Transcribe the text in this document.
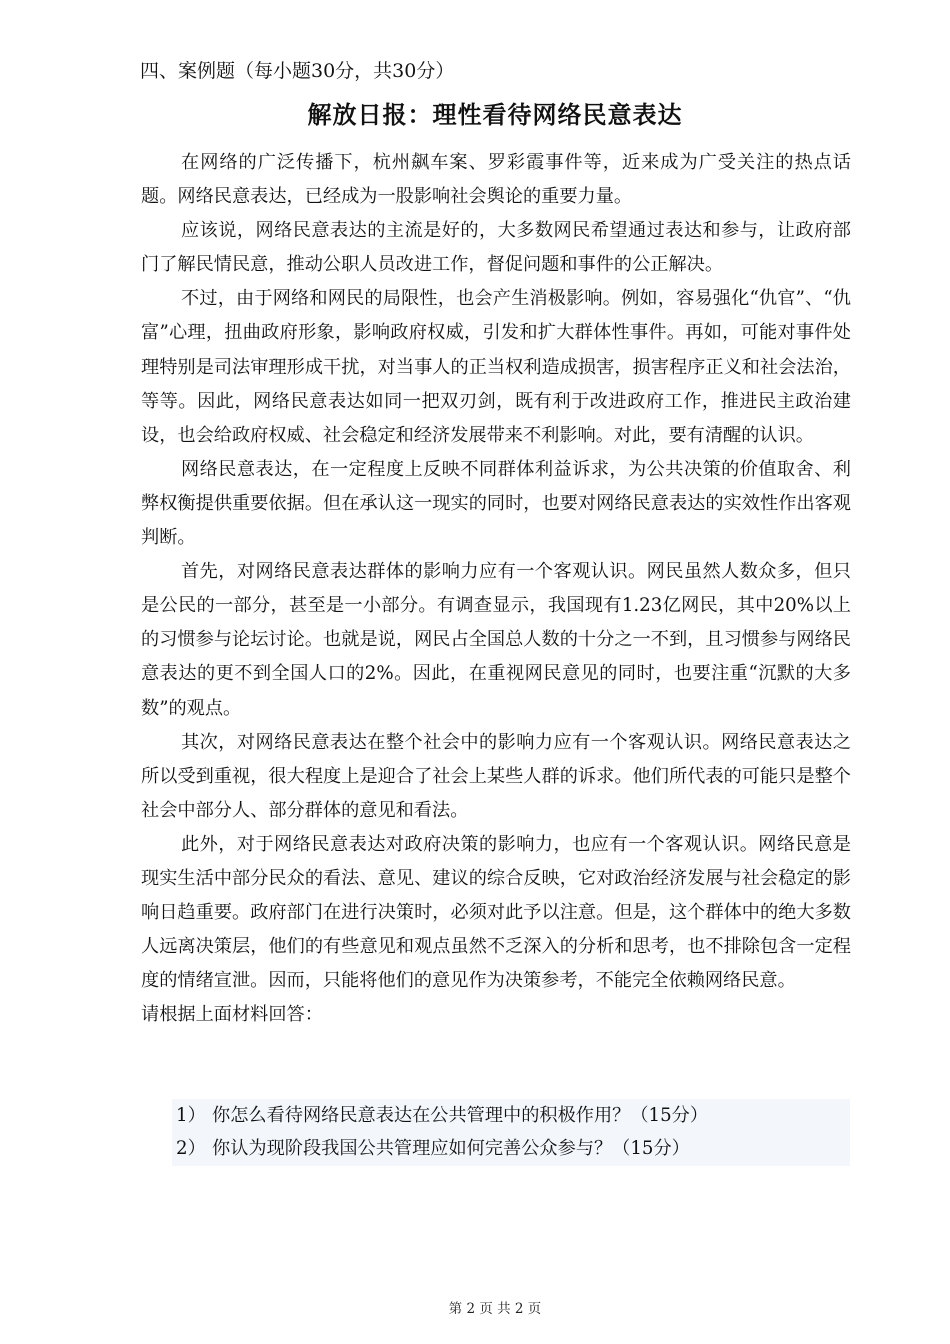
四、案例题（每小题30分，共30分）
解放日报：理性看待网络民意表达

在网络的广泛传播下，杭州飙车案、罗彩霞事件等，近来成为广受关注的热点话题。网络民意表达，已经成为一股影响社会舆论的重要力量。

应该说，网络民意表达的主流是好的，大多数网民希望通过表达和参与，让政府部门了解民情民意，推动公职人员改进工作，督促问题和事件的公正解决。

不过，由于网络和网民的局限性，也会产生消极影响。例如，容易强化“仇官”、“仇富”心理，扭曲政府形象，影响政府权威，引发和扩大群体性事件。再如，可能对事件处理特别是司法审理形成干扰，对当事人的正当权利造成损害，损害程序正义和社会法治，等等。因此，网络民意表达如同一把双刃剑，既有利于改进政府工作，推进民主政治建设，也会给政府权威、社会稳定和经济发展带来不利影响。对此，要有清醒的认识。

网络民意表达，在一定程度上反映不同群体利益诉求，为公共决策的价值取舍、利弊权衡提供重要依据。但在承认这一现实的同时，也要对网络民意表达的实效性作出客观判断。

首先，对网络民意表达群体的影响力应有一个客观认识。网民虽然人数众多，但只是公民的一部分，甚至是一小部分。有调查显示，我国现有1.23亿网民，其中20%以上的习惯参与论坛讨论。也就是说，网民占全国总人数的十分之一不到，且习惯参与网络民意表达的更不到全国人口的2%。因此，在重视网民意见的同时，也要注重“沉默的大多数”的观点。

其次，对网络民意表达在整个社会中的影响力应有一个客观认识。网络民意表达之所以受到重视，很大程度上是迎合了社会上某些人群的诉求。他们所代表的可能只是整个社会中部分人、部分群体的意见和看法。

此外，对于网络民意表达对政府决策的影响力，也应有一个客观认识。网络民意是现实生活中部分民众的看法、意见、建议的综合反映，它对政治经济发展与社会稳定的影响日趋重要。政府部门在进行决策时，必须对此予以注意。但是，这个群体中的绝大多数人远离决策层，他们的有些意见和观点虽然不乏深入的分析和思考，也不排除包含一定程度的情绪宣泄。因而，只能将他们的意见作为决策参考，不能完全依赖网络民意。

请根据上面材料回答：
1） 你怎么看待网络民意表达在公共管理中的积极作用？（15分）
2） 你认为现阶段我国公共管理应如何完善公众参与？（15分）
第 2 页 共 2 页
